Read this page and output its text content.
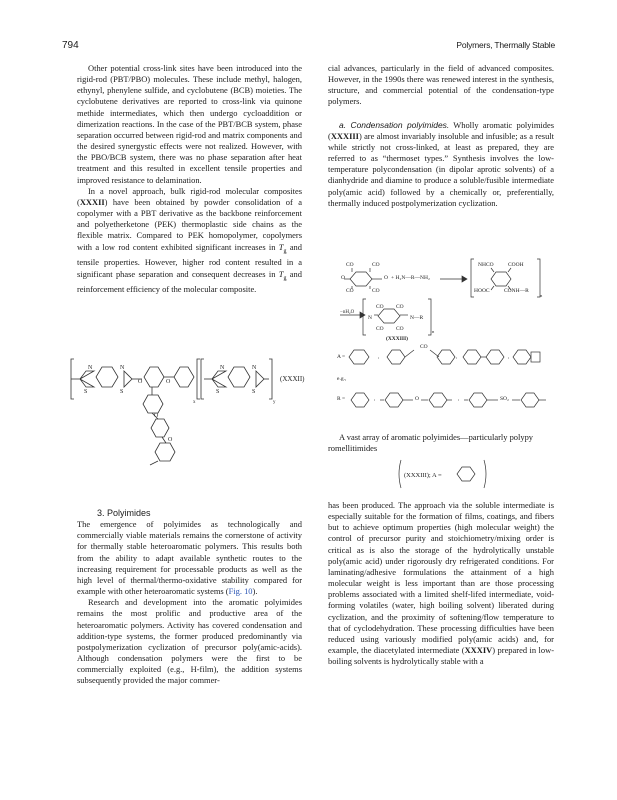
794	Polymers, Thermally Stable

Other potential cross-link sites have been introduced into the rigid-rod (PBT/PBO) molecules. These include methyl, halogen, ethynyl, phenylene sulfide, and cyclobutene (BCB) moieties. The cyclobutene derivatives are reported to cross-link via quinone methide intermediates, which then undergo cycloaddition or dimerization reactions. In the case of the PBT/BCB system, phase separation occurred between rigid-rod and matrix components and the desired synergystic effects were not realized. However, with the PBO/BCB system, there was no phase separation after heat treatment and this resulted in excellent tensile properties and improved resistance to delamination.

In a novel approach, bulk rigid-rod molecular composites (XXXII) have been obtained by powder consolidation of a copolymer with a PBT derivative as the backbone reinforcement and polyetherketone (PEK) thermoplastic side chains as the flexible matrix. Compared to PEK homopolymer, copolymers with a low rod content exhibited significant increases in $T_g$ and tensile properties. However, higher rod content resulted in a significant phase separation and consequent decreases in $T_g$ and reinforcement efficiency of the molecular composite.

N
S	S
N
O	O
N
S	S
N
O
O
x	y
(XXXII)

3. Polyimides

The emergence of polyimides as technologically and commercially viable materials remains the cornerstone of activity for thermally stable heteroaromatic polymers. This results both from the ability to adapt available synthetic routes to the increasing requirement for processable products as well as the high level of thermal/thermo-oxidative stability compared for example with other heteroaromatic systems (Fig. 10).

Research and development into the aromatic polyimides remains the most prolific and productive area of the heteroaromatic polymers. Activity has covered condensation and addition-type systems, the former produced predominantly via postpolymerization cyclization of precursor poly(amic-acids). Although condensation polymers were the first to be commercially exploited (e.g., H-film), the addition systems subsequently provided the major commer-

cial advances, particularly in the field of advanced composites. However, in the 1990s there was renewed interest in the synthesis, structure, and commercial potential of the condensation-type polymers.

a. Condensation polyimides. Wholly aromatic polyimides (XXXIII) are almost invariably insoluble and infusible; as a result while strictly not cross-linked, at least as prepared, they are referred to as “thermoset types.” Synthesis involves the low-temperature polycondensation (in dipolar aprotic solvents) of a dianhydride and diamine to produce a soluble/fusible intermediate poly(amic acid) followed by a chemically or, preferentially, thermally induced postpolymerization cyclization.

CO	CO
O	O
CO	CO
+ H₂N—R—NH₂
NHCO	COOH
HOOC	CONH—R
n
−nH₂O
CO CO
N	N—R
CO CO	n
(XXXIII)
CO
A =	,	,	,
e.g.,
R =	,	O	,	SO₂

A vast array of aromatic polyimides—particularly polypy romellitimides

(XXXIII); A =

has been produced. The approach via the soluble intermediate is especially suitable for the formation of films, coatings, and fibers but to achieve optimum properties (high molecular weight) the control of precursor purity and stoichiometry/mixing order is critical as is also the storage of the hydrolytically unstable poly(amic acid) under rigorously dry refrigerated conditions. For laminating/adhesive formulations the attainment of a high molecular weight is less important than are those processing problems associated with a limited shelf-lifed intermediate, void-forming volatiles (water, high boiling solvent) liberated during cyclization, and the proximity of softening/flow temperature to that of cyclodehydration. These processing difficulties have been reduced using variously modified poly(amic acids) and, for example, the diacetylated intermediate (XXXIV) prepared in low-boiling solvents is hydrolytically stable with a
